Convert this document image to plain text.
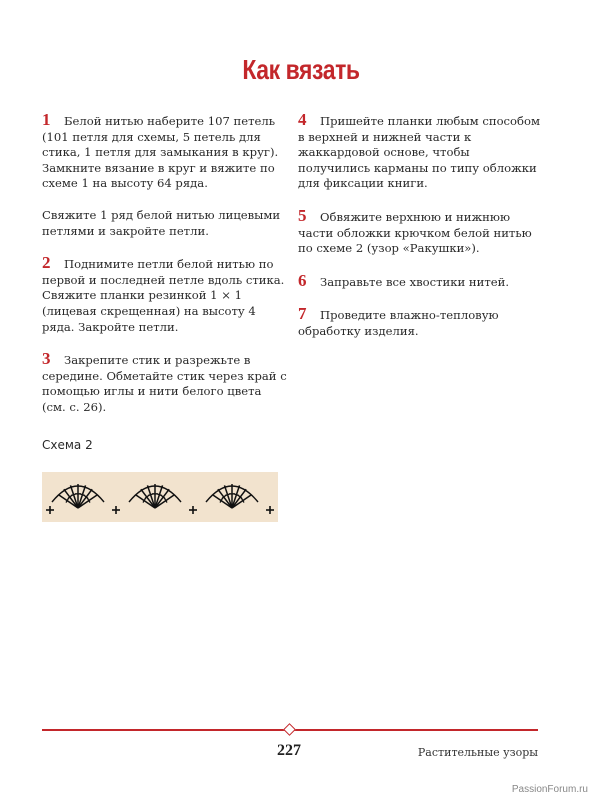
Как вязать

1 Белой нитью наберите 107 петель (101 петля для схемы, 5 петель для стика, 1 петля для замыкания в круг). Замкните вязание в круг и вяжите по схеме 1 на высоту 64 ряда.

Свяжите 1 ряд белой нитью лицевыми петлями и закройте петли.

2 Поднимите петли белой нитью по первой и последней петле вдоль стика. Свяжите планки резинкой 1 × 1 (лицевая скрещенная) на высоту 4 ряда. Закройте петли.

3 Закрепите стик и разрежьте в середине. Обметайте стик через край с помощью иглы и нити белого цвета (см. с. 26).

4 Пришейте планки любым способом в верхней и нижней части к жаккардовой основе, чтобы получились карманы по типу обложки для фиксации книги.

5 Обвяжите верхнюю и нижнюю части обложки крючком белой нитью по схеме 2 (узор «Ракушки»).

6 Заправьте все хвостики нитей.

7 Проведите влажно-тепловую обработку изделия.

Схема 2
227	Растительные узоры
PassionForum.ru
